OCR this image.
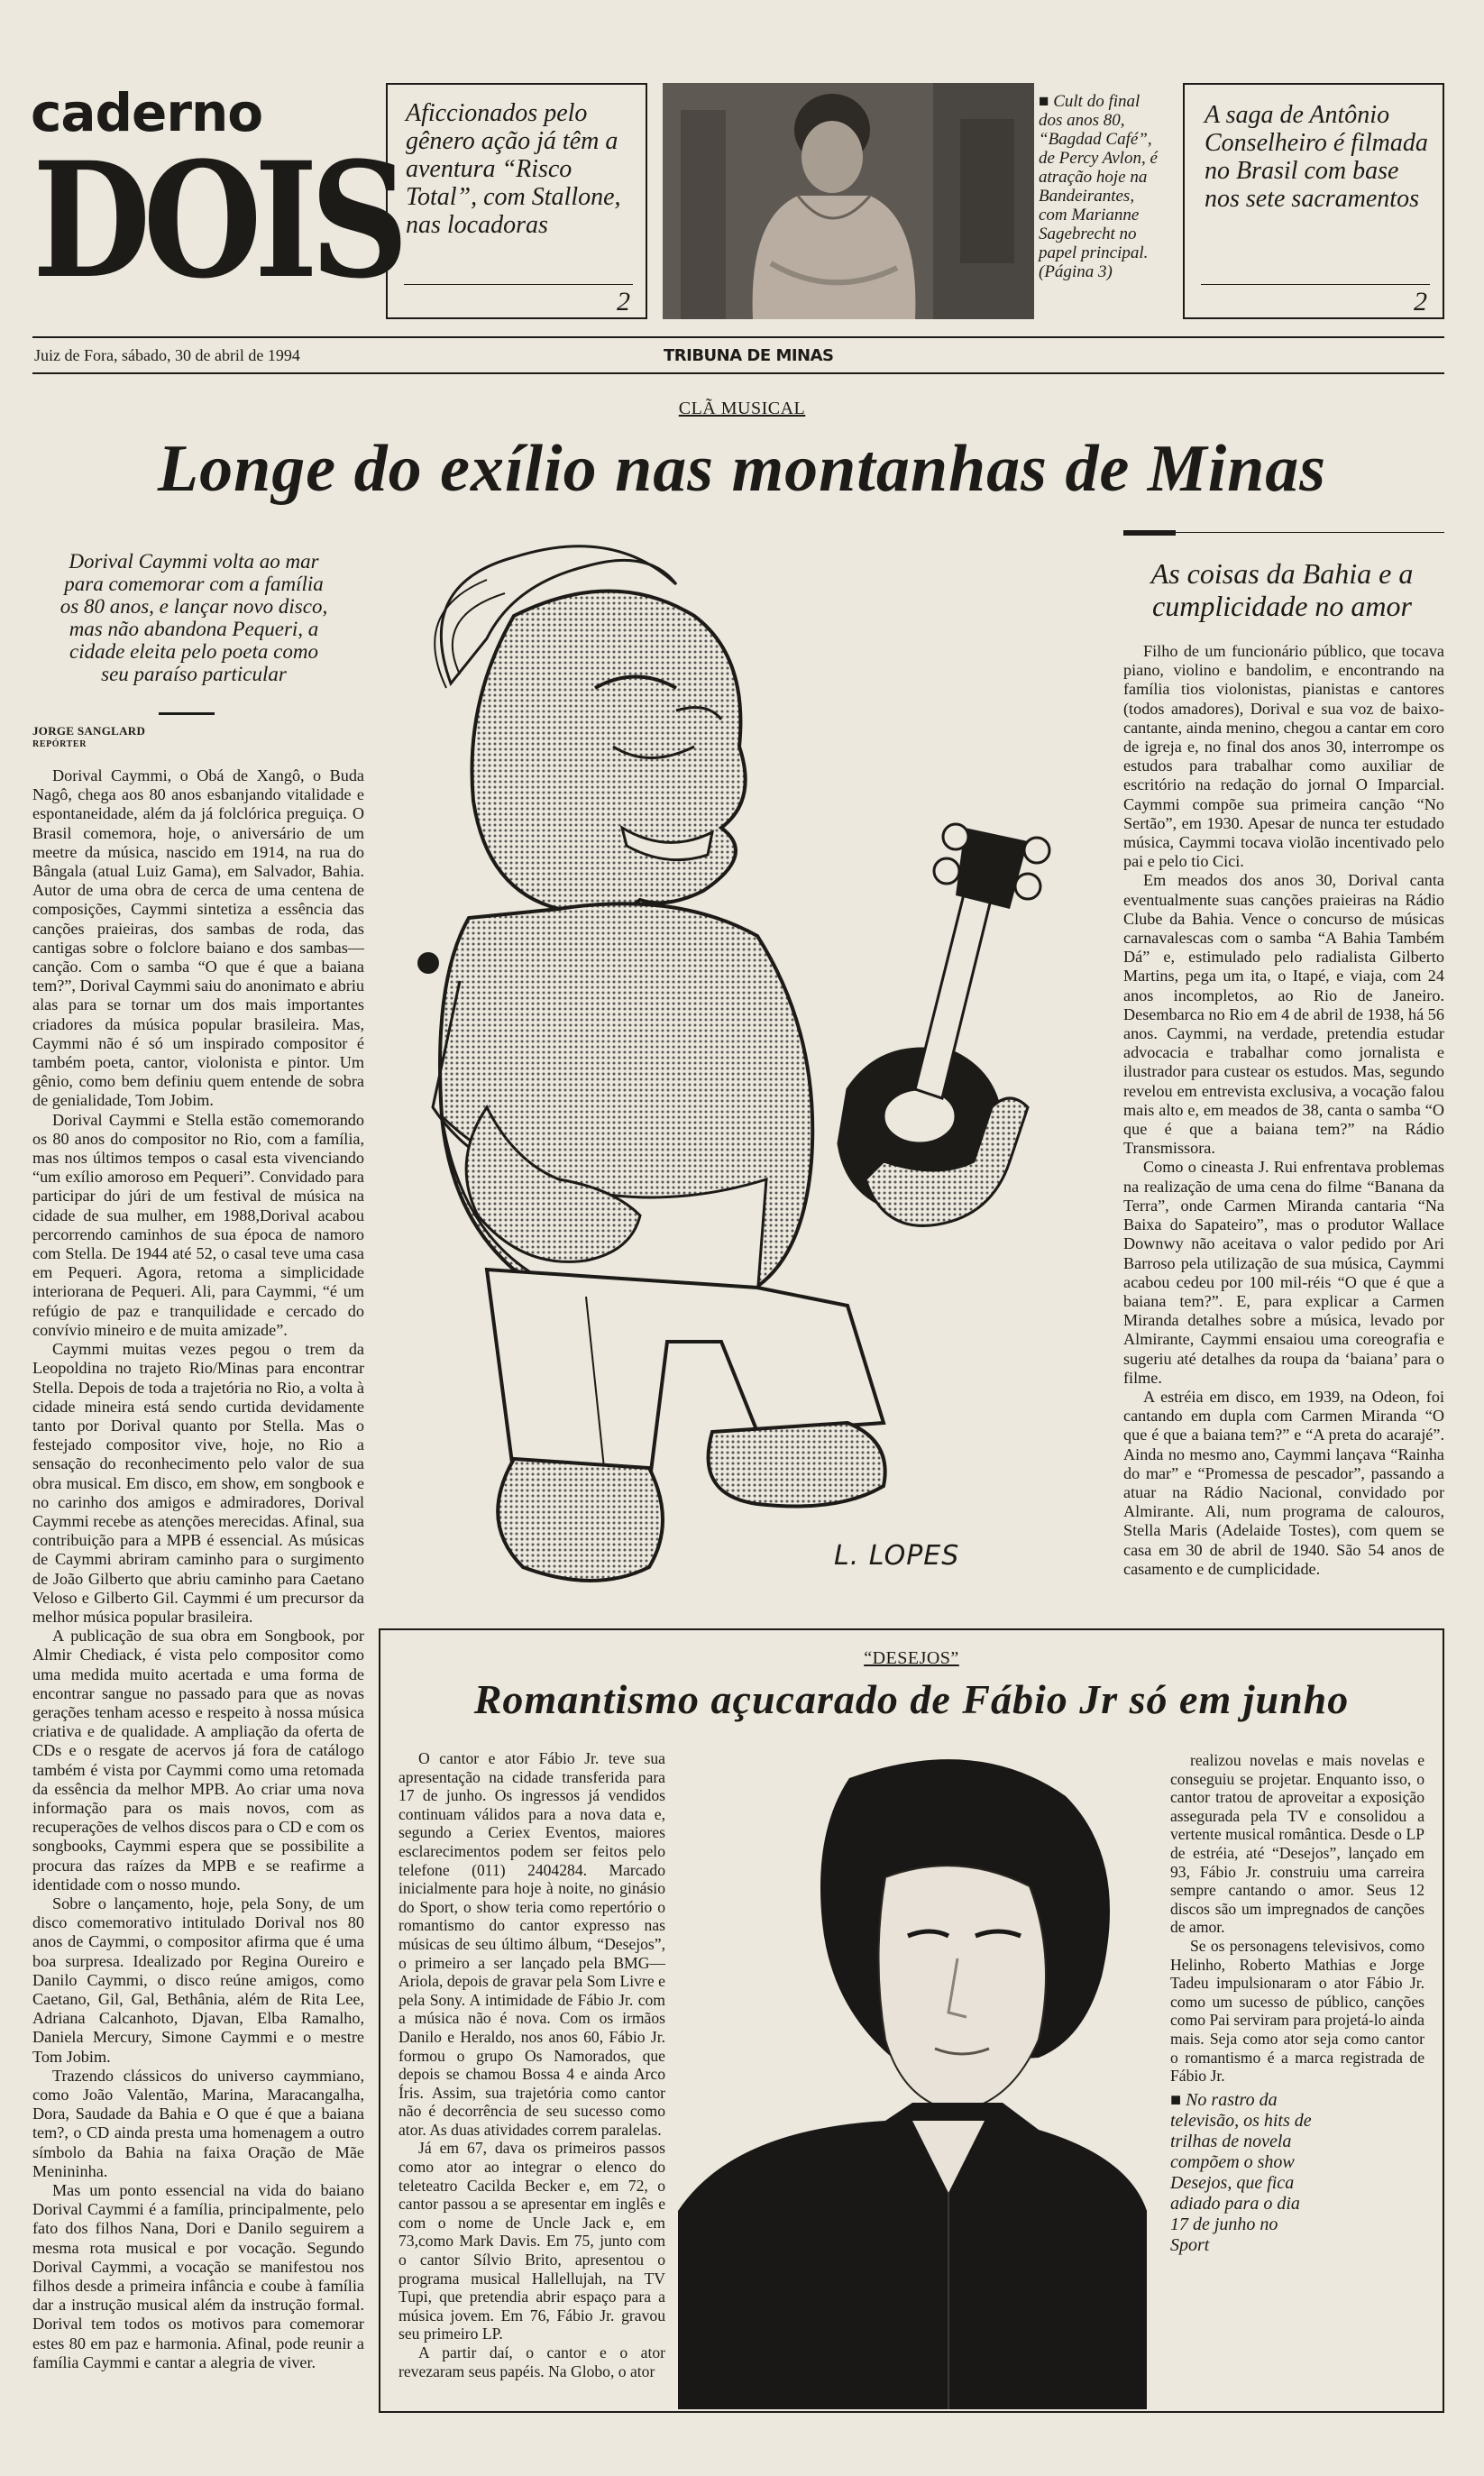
caderno
DOIS
Aficcionados pelo gênero ação já têm a aventura “Risco Total”, com Stallone, nas locadoras
2
■ Cult do final dos anos 80, “Bagdad Café”, de Percy Avlon, é atração hoje na Bandeirantes, com Marianne Sagebrecht no papel principal. (Página 3)
A saga de Antônio Conselheiro é filmada no Brasil com base nos sete sacramentos
2
Juiz de Fora, sábado, 30 de abril de 1994	TRIBUNA DE MINAS
CLÃ MUSICAL
Longe do exílio nas montanhas de Minas
Dorival Caymmi volta ao mar para comemorar com a família os 80 anos, e lançar novo disco, mas não abandona Pequeri, a cidade eleita pelo poeta como seu paraíso particular
JORGE SANGLARD
REPÓRTER

Dorival Caymmi, o Obá de Xangô, o Buda Nagô, chega aos 80 anos esbanjando vitalidade e espontaneidade, além da já folclórica preguiça. O Brasil comemora, hoje, o aniversário de um meetre da música, nascido em 1914, na rua do Bângala (atual Luiz Gama), em Salvador, Bahia. Autor de uma obra de cerca de uma centena de composições, Caymmi sintetiza a essência das canções praieiras, dos sambas de roda, das cantigas sobre o folclore baiano e dos sambas—canção. Com o samba “O que é que a baiana tem?”, Dorival Caymmi saiu do anonimato e abriu alas para se tornar um dos mais importantes criadores da música popular brasileira. Mas, Caymmi não é só um inspirado compositor é também poeta, cantor, violonista e pintor. Um gênio, como bem definiu quem entende de sobra de genialidade, Tom Jobim.

Dorival Caymmi e Stella estão comemorando os 80 anos do compositor no Rio, com a família, mas nos últimos tempos o casal esta vivenciando “um exílio amoroso em Pequeri”. Convidado para participar do júri de um festival de música na cidade de sua mulher, em 1988,Dorival acabou percorrendo caminhos de sua época de namoro com Stella. De 1944 até 52, o casal teve uma casa em Pequeri. Agora, retoma a simplicidade interiorana de Pequeri. Ali, para Caymmi, “é um refúgio de paz e tranquilidade e cercado do convívio mineiro e de muita amizade”.

Caymmi muitas vezes pegou o trem da Leopoldina no trajeto Rio/Minas para encontrar Stella. Depois de toda a trajetória no Rio, a volta à cidade mineira está sendo curtida devidamente tanto por Dorival quanto por Stella. Mas o festejado compositor vive, hoje, no Rio a sensação do reconhecimento pelo valor de sua obra musical. Em disco, em show, em songbook e no carinho dos amigos e admiradores, Dorival Caymmi recebe as atenções merecidas. Afinal, sua contribuição para a MPB é essencial. As músicas de Caymmi abriram caminho para o surgimento de João Gilberto que abriu caminho para Caetano Veloso e Gilberto Gil. Caymmi é um precursor da melhor música popular brasileira.

A publicação de sua obra em Songbook, por Almir Chediack, é vista pelo compositor como uma medida muito acertada e uma forma de encontrar sangue no passado para que as novas gerações tenham acesso e respeito à nossa música criativa e de qualidade. A ampliação da oferta de CDs e o resgate de acervos já fora de catálogo também é vista por Caymmi como uma retomada da essência da melhor MPB. Ao criar uma nova informação para os mais novos, com as recuperações de velhos discos para o CD e com os songbooks, Caymmi espera que se possibilite a procura das raízes da MPB e se reafirme a identidade com o nosso mundo.

Sobre o lançamento, hoje, pela Sony, de um disco comemorativo intitulado Dorival nos 80 anos de Caymmi, o compositor afirma que é uma boa surpresa. Idealizado por Regina Oureiro e Danilo Caymmi, o disco reúne amigos, como Caetano, Gil, Gal, Bethânia, além de Rita Lee, Adriana Calcanhoto, Djavan, Elba Ramalho, Daniela Mercury, Simone Caymmi e o mestre Tom Jobim.

Trazendo clássicos do universo caymmiano, como João Valentão, Marina, Maracangalha, Dora, Saudade da Bahia e O que é que a baiana tem?, o CD ainda presta uma homenagem a outro símbolo da Bahia na faixa Oração de Mãe Menininha.

Mas um ponto essencial na vida do baiano Dorival Caymmi é a família, principalmente, pelo fato dos filhos Nana, Dori e Danilo seguirem a mesma rota musical e por vocação. Segundo Dorival Caymmi, a vocação se manifestou nos filhos desde a primeira infância e coube à família dar a instrução musical além da instrução formal. Dorival tem todos os motivos para comemorar estes 80 em paz e harmonia. Afinal, pode reunir a família Caymmi e cantar a alegria de viver.

L. LOPES
As coisas da Bahia e a cumplicidade no amor

Filho de um funcionário público, que tocava piano, violino e bandolim, e encontrando na família tios violonistas, pianistas e cantores (todos amadores), Dorival e sua voz de baixo-cantante, ainda menino, chegou a cantar em coro de igreja e, no final dos anos 30, interrompe os estudos para trabalhar como auxiliar de escritório na redação do jornal O Imparcial. Caymmi compõe sua primeira canção “No Sertão”, em 1930. Apesar de nunca ter estudado música, Caymmi tocava violão incentivado pelo pai e pelo tio Cici.

Em meados dos anos 30, Dorival canta eventualmente suas canções praieiras na Rádio Clube da Bahia. Vence o concurso de músicas carnavalescas com o samba “A Bahia Também Dá” e, estimulado pelo radialista Gilberto Martins, pega um ita, o Itapé, e viaja, com 24 anos incompletos, ao Rio de Janeiro. Desembarca no Rio em 4 de abril de 1938, há 56 anos. Caymmi, na verdade, pretendia estudar advocacia e trabalhar como jornalista e ilustrador para custear os estudos. Mas, segundo revelou em entrevista exclusiva, a vocação falou mais alto e, em meados de 38, canta o samba “O que é que a baiana tem?” na Rádio Transmissora.

Como o cineasta J. Rui enfrentava problemas na realização de uma cena do filme “Banana da Terra”, onde Carmen Miranda cantaria “Na Baixa do Sapateiro”, mas o produtor Wallace Downwy não aceitava o valor pedido por Ari Barroso pela utilização de sua música, Caymmi acabou cedeu por 100 mil-réis “O que é que a baiana tem?”. E, para explicar a Carmen Miranda detalhes sobre a música, levado por Almirante, Caymmi ensaiou uma coreografia e sugeriu até detalhes da roupa da ‘baiana’ para o filme.

A estréia em disco, em 1939, na Odeon, foi cantando em dupla com Carmen Miranda “O que é que a baiana tem?” e “A preta do acarajé”. Ainda no mesmo ano, Caymmi lançava “Rainha do mar” e “Promessa de pescador”, passando a atuar na Rádio Nacional, convidado por Almirante. Ali, num programa de calouros, Stella Maris (Adelaide Tostes), com quem se casa em 30 de abril de 1940. São 54 anos de casamento e de cumplicidade.

“DESEJOS”
Romantismo açucarado de Fábio Jr só em junho

O cantor e ator Fábio Jr. teve sua apresentação na cidade transferida para 17 de junho. Os ingressos já vendidos continuam válidos para a nova data e, segundo a Ceriex Eventos, maiores esclarecimentos podem ser feitos pelo telefone (011) 2404284. Marcado inicialmente para hoje à noite, no ginásio do Sport, o show teria como repertório o romantismo do cantor expresso nas músicas de seu último álbum, “Desejos”, o primeiro a ser lançado pela BMG—Ariola, depois de gravar pela Som Livre e pela Sony. A intimidade de Fábio Jr. com a música não é nova. Com os irmãos Danilo e Heraldo, nos anos 60, Fábio Jr. formou o grupo Os Namorados, que depois se chamou Bossa 4 e ainda Arco Íris. Assim, sua trajetória como cantor não é decorrência de seu sucesso como ator. As duas atividades correm paralelas.

Já em 67, dava os primeiros passos como ator ao integrar o elenco do teleteatro Cacilda Becker e, em 72, o cantor passou a se apresentar em inglês e com o nome de Uncle Jack e, em 73,como Mark Davis. Em 75, junto com o cantor Sílvio Brito, apresentou o programa musical Hallellujah, na TV Tupi, que pretendia abrir espaço para a música jovem. Em 76, Fábio Jr. gravou seu primeiro LP.

A partir daí, o cantor e o ator revezaram seus papéis. Na Globo, o ator

realizou novelas e mais novelas e conseguiu se projetar. Enquanto isso, o cantor tratou de aproveitar a exposição assegurada pela TV e consolidou a vertente musical romântica. Desde o LP de estréia, até “Desejos”, lançado em 93, Fábio Jr. construiu uma carreira sempre cantando o amor. Seus 12 discos são um impregnados de canções de amor.

Se os personagens televisivos, como Helinho, Roberto Mathias e Jorge Tadeu impulsionaram o ator Fábio Jr. como um sucesso de público, canções como Pai serviram para projetá-lo ainda mais. Seja como ator seja como cantor o romantismo é a marca registrada de Fábio Jr.

■ No rastro da televisão, os hits de trilhas de novela compõem o show Desejos, que fica adiado para o dia 17 de junho no Sport
